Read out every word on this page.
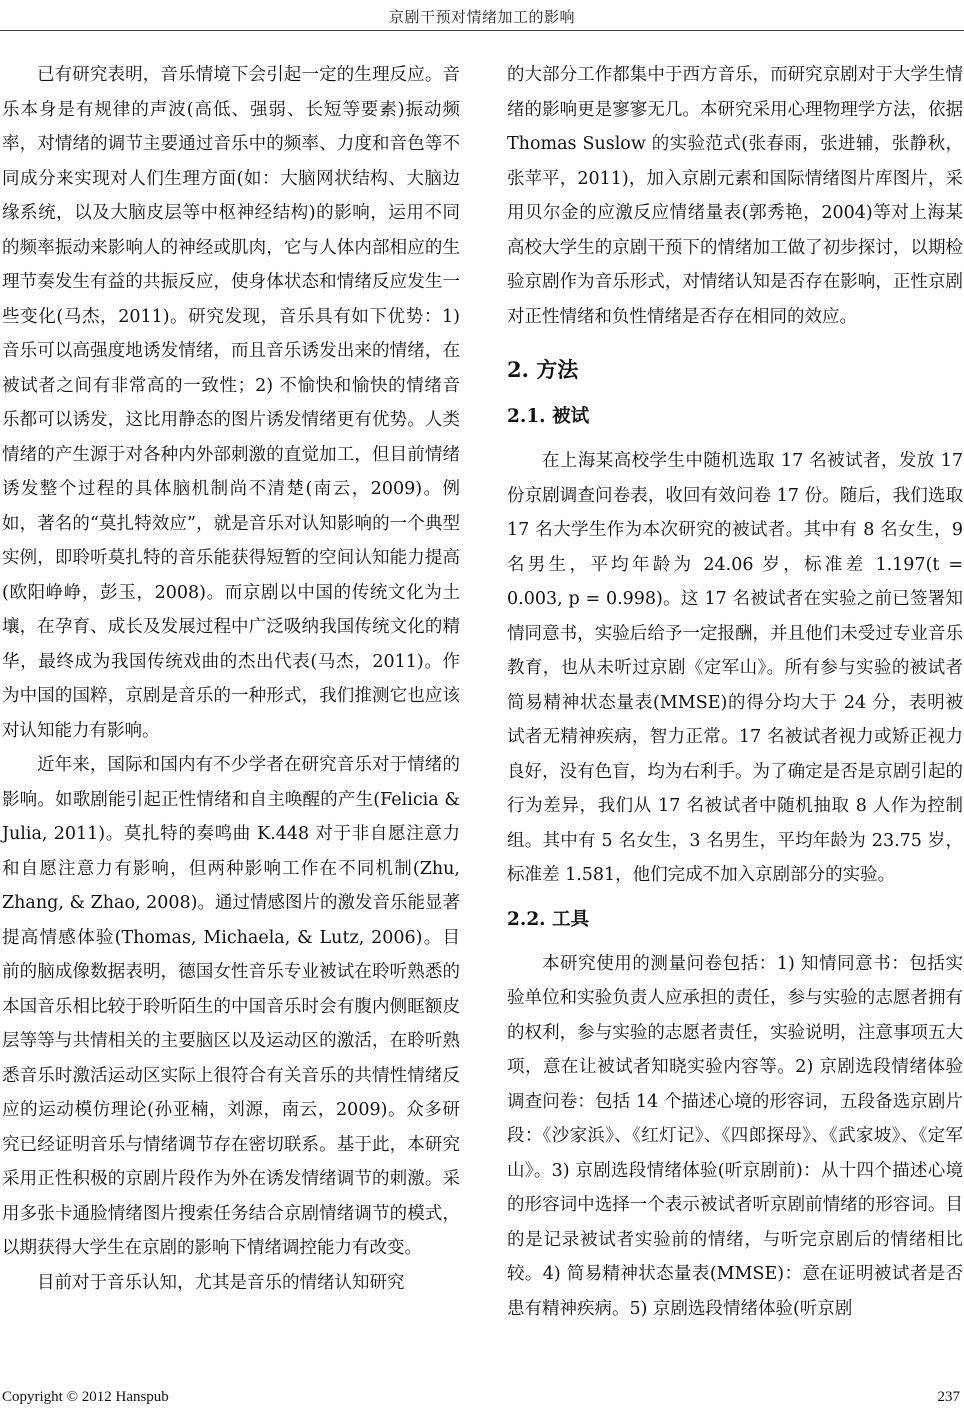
京剧干预对情绪加工的影响

已有研究表明，音乐情境下会引起一定的生理反应。音乐本身是有规律的声波(高低、强弱、长短等要素)振动频率，对情绪的调节主要通过音乐中的频率、力度和音色等不同成分来实现对人们生理方面(如：大脑网状结构、大脑边缘系统，以及大脑皮层等中枢神经结构)的影响，运用不同的频率振动来影响人的神经或肌肉，它与人体内部相应的生理节奏发生有益的共振反应，使身体状态和情绪反应发生一些变化(马杰，2011)。研究发现，音乐具有如下优势：1) 音乐可以高强度地诱发情绪，而且音乐诱发出来的情绪，在被试者之间有非常高的一致性；2) 不愉快和愉快的情绪音乐都可以诱发，这比用静态的图片诱发情绪更有优势。人类情绪的产生源于对各种内外部刺激的直觉加工，但目前情绪诱发整个过程的具体脑机制尚不清楚(南云，2009)。例如，著名的“莫扎特效应”，就是音乐对认知影响的一个典型实例，即聆听莫扎特的音乐能获得短暂的空间认知能力提高(欧阳峥峥，彭玉，2008)。而京剧以中国的传统文化为土壤，在孕育、成长及发展过程中广泛吸纳我国传统文化的精华，最终成为我国传统戏曲的杰出代表(马杰，2011)。作为中国的国粹，京剧是音乐的一种形式，我们推测它也应该对认知能力有影响。

近年来，国际和国内有不少学者在研究音乐对于情绪的影响。如歌剧能引起正性情绪和自主唤醒的产生(Felicia & Julia, 2011)。莫扎特的奏鸣曲 K.448 对于非自愿注意力和自愿注意力有影响，但两种影响工作在不同机制(Zhu, Zhang, & Zhao, 2008)。通过情感图片的激发音乐能显著提高情感体验(Thomas, Michaela, & Lutz, 2006)。目前的脑成像数据表明，德国女性音乐专业被试在聆听熟悉的本国音乐相比较于聆听陌生的中国音乐时会有腹内侧眶额皮层等等与共情相关的主要脑区以及运动区的激活，在聆听熟悉音乐时激活运动区实际上很符合有关音乐的共情性情绪反应的运动模仿理论(孙亚楠，刘源，南云，2009)。众多研究已经证明音乐与情绪调节存在密切联系。基于此，本研究采用正性积极的京剧片段作为外在诱发情绪调节的刺激。采用多张卡通脸情绪图片搜索任务结合京剧情绪调节的模式，以期获得大学生在京剧的影响下情绪调控能力有改变。

目前对于音乐认知，尤其是音乐的情绪认知研究

的大部分工作都集中于西方音乐，而研究京剧对于大学生情绪的影响更是寥寥无几。本研究采用心理物理学方法，依据 Thomas Suslow 的实验范式(张春雨，张进辅，张静秋，张苹平，2011)，加入京剧元素和国际情绪图片库图片，采用贝尔金的应激反应情绪量表(郭秀艳，2004)等对上海某高校大学生的京剧干预下的情绪加工做了初步探讨，以期检验京剧作为音乐形式，对情绪认知是否存在影响，正性京剧对正性情绪和负性情绪是否存在相同的效应。

2. 方法
2.1. 被试

在上海某高校学生中随机选取 17 名被试者，发放 17 份京剧调查问卷表，收回有效问卷 17 份。随后，我们选取 17 名大学生作为本次研究的被试者。其中有 8 名女生，9 名男生，平均年龄为 24.06 岁，标准差 1.197(t = 0.003, p = 0.998)。这 17 名被试者在实验之前已签署知情同意书，实验后给予一定报酬，并且他们未受过专业音乐教育，也从未听过京剧《定军山》。所有参与实验的被试者简易精神状态量表(MMSE)的得分均大于 24 分，表明被试者无精神疾病，智力正常。17 名被试者视力或矫正视力良好，没有色盲，均为右利手。为了确定是否是京剧引起的行为差异，我们从 17 名被试者中随机抽取 8 人作为控制组。其中有 5 名女生，3 名男生，平均年龄为 23.75 岁，标准差 1.581，他们完成不加入京剧部分的实验。

2.2. 工具

本研究使用的测量问卷包括：1) 知情同意书：包括实验单位和实验负责人应承担的责任，参与实验的志愿者拥有的权利，参与实验的志愿者责任，实验说明，注意事项五大项，意在让被试者知晓实验内容等。2) 京剧选段情绪体验调查问卷：包括 14 个描述心境的形容词，五段备选京剧片段：《沙家浜》、《红灯记》、《四郎探母》、《武家坡》、《定军山》。3) 京剧选段情绪体验(听京剧前)：从十四个描述心境的形容词中选择一个表示被试者听京剧前情绪的形容词。目的是记录被试者实验前的情绪，与听完京剧后的情绪相比较。4) 简易精神状态量表(MMSE)：意在证明被试者是否患有精神疾病。5) 京剧选段情绪体验(听京剧

Copyright © 2012 Hanspub	237
